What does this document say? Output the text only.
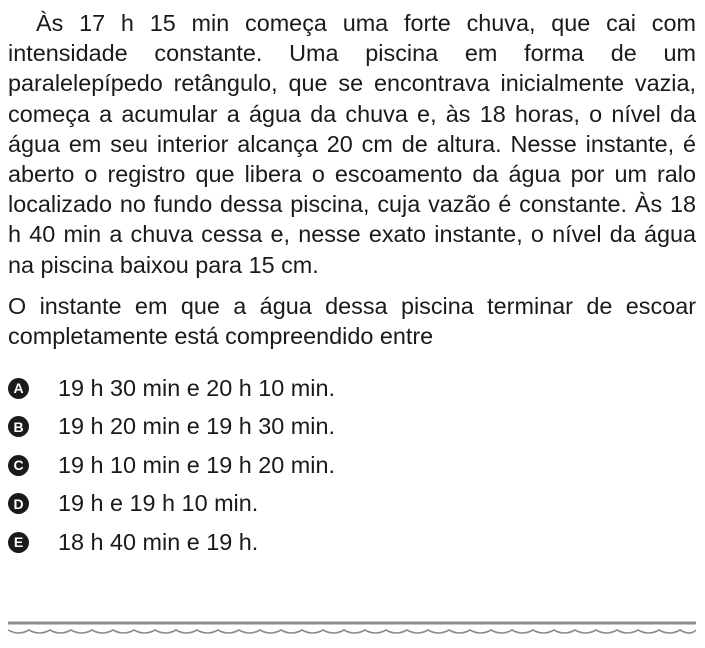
Às 17 h 15 min começa uma forte chuva, que cai com intensidade constante. Uma piscina em forma de um paralelepípedo retângulo, que se encontrava inicialmente vazia, começa a acumular a água da chuva e, às 18 horas, o nível da água em seu interior alcança 20 cm de altura. Nesse instante, é aberto o registro que libera o escoamento da água por um ralo localizado no fundo dessa piscina, cuja vazão é constante. Às 18 h 40 min a chuva cessa e, nesse exato instante, o nível da água na piscina baixou para 15 cm.

O instante em que a água dessa piscina terminar de escoar completamente está compreendido entre

A 19 h 30 min e 20 h 10 min.
B 19 h 20 min e 19 h 30 min.
C 19 h 10 min e 19 h 20 min.
D 19 h e 19 h 10 min.
E 18 h 40 min e 19 h.
